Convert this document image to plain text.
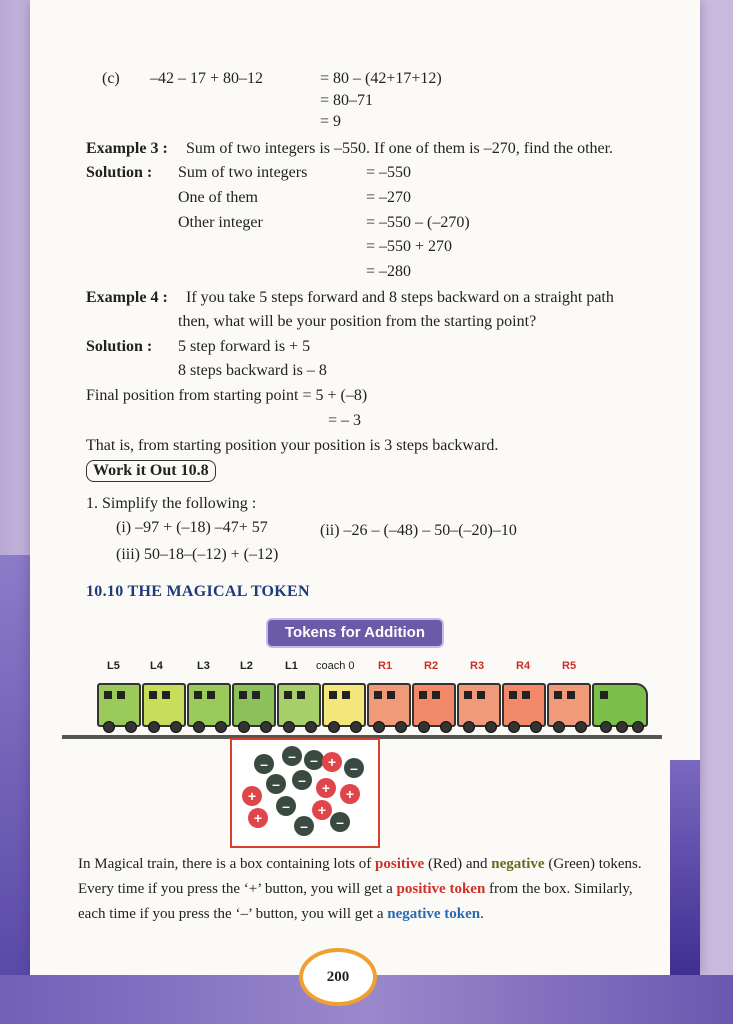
(c) –42 – 17 + 80–12	= 80 – (42+17+12)
= 80–71
= 9
Example 3 : Sum of two integers is –550. If one of them is –270, find the other.
Solution : Sum of two integers	= –550
One of them	= –270
Other integer	= –550 – (–270)
= –550 + 270
= –280
Example 4 : If you take 5 steps forward and 8 steps backward on a straight path
then, what will be your position from the starting point?
Solution : 5 step forward is + 5
8 steps backward is – 8
Final position from starting point = 5 + (–8)
= – 3
That is, from starting position your position is 3 steps backward.
Work it Out 10.8
1. Simplify the following :
(i) –97 + (–18) –47+ 57	(ii) –26 – (–48) – 50–(–20)–10
(iii) 50–18–(–12) + (–12)
10.10 THE MAGICAL TOKEN
Tokens for Addition
L5	L4	L3	L2	L1 coach 0 R1	R2	R3	R4	R5
–	–	– +	–
–	–
+	+	+
–	+
+	–	–
In Magical train, there is a box containing lots of positive (Red) and negative (Green) tokens.
Every time if you press the ‘+’ button, you will get a positive token from the box. Similarly,
each time if you press the ‘–’ button, you will get a negative token.
200
